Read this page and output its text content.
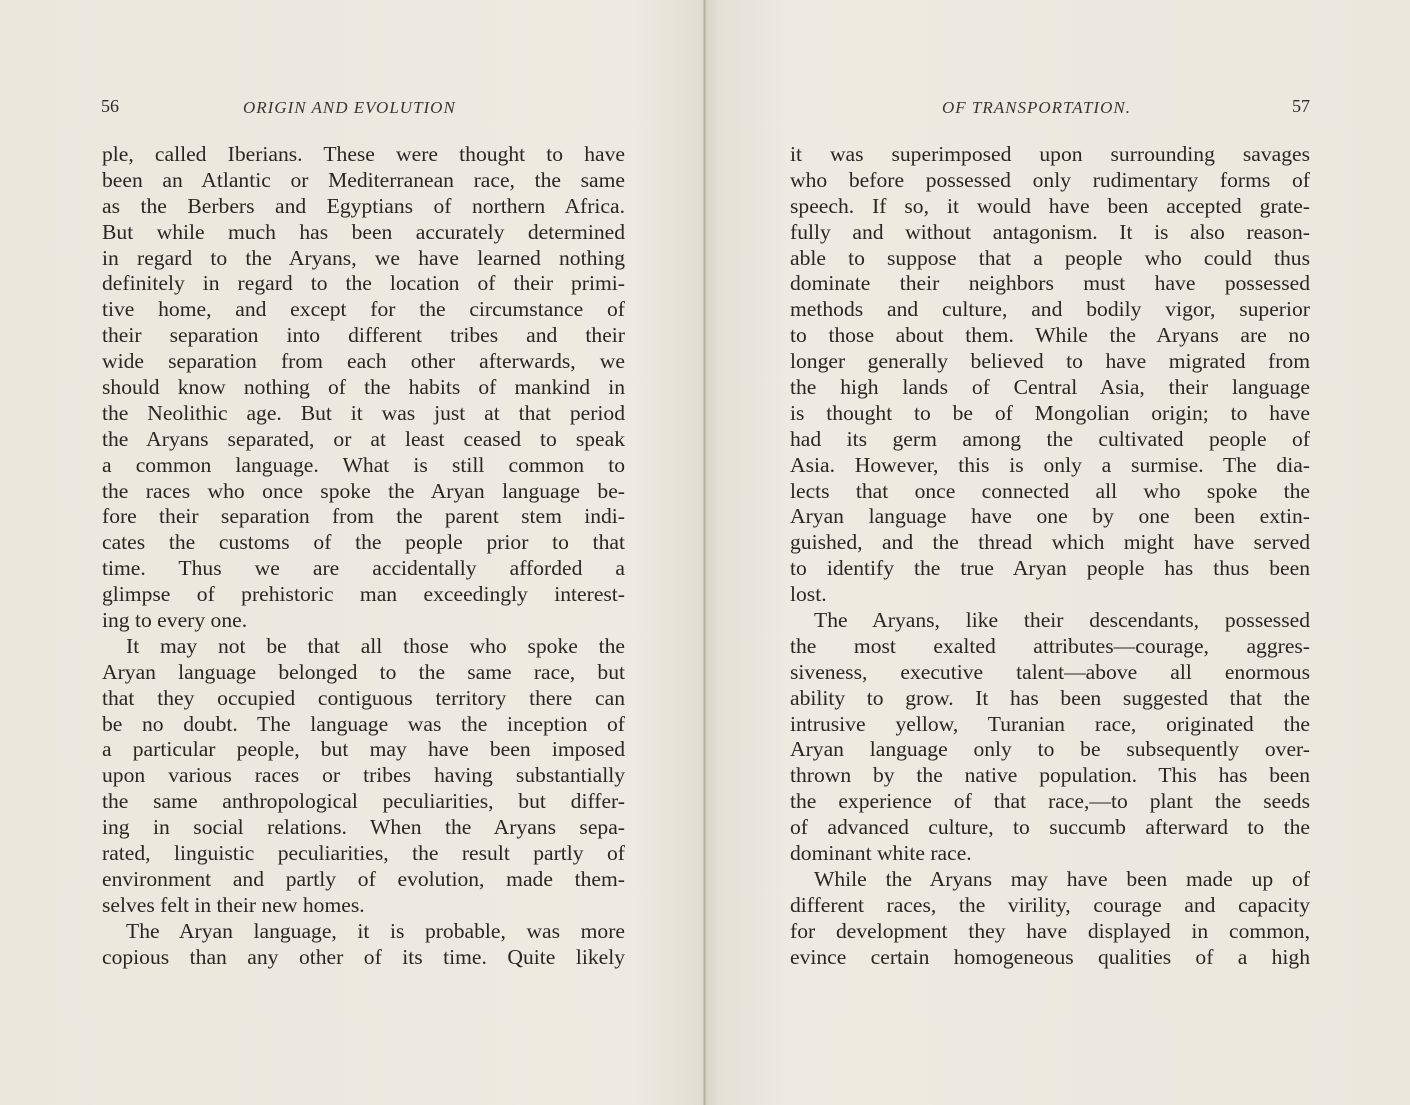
56	ORIGIN AND EVOLUTION
ple, called Iberians. These were thought to have
been an Atlantic or Mediterranean race, the same
as the Berbers and Egyptians of northern Africa.
But while much has been accurately determined
in regard to the Aryans, we have learned nothing
definitely in regard to the location of their primi-
tive home, and except for the circumstance of
their separation into different tribes and their
wide separation from each other afterwards, we
should know nothing of the habits of mankind in
the Neolithic age. But it was just at that period
the Aryans separated, or at least ceased to speak
a common language. What is still common to
the races who once spoke the Aryan language be-
fore their separation from the parent stem indi-
cates the customs of the people prior to that
time. Thus we are accidentally afforded a
glimpse of prehistoric man exceedingly interest-
ing to every one.
It may not be that all those who spoke the
Aryan language belonged to the same race, but
that they occupied contiguous territory there can
be no doubt. The language was the inception of
a particular people, but may have been imposed
upon various races or tribes having substantially
the same anthropological peculiarities, but differ-
ing in social relations. When the Aryans sepa-
rated, linguistic peculiarities, the result partly of
environment and partly of evolution, made them-
selves felt in their new homes.
The Aryan language, it is probable, was more
copious than any other of its time. Quite likely
OF TRANSPORTATION.	57
it was superimposed upon surrounding savages
who before possessed only rudimentary forms of
speech. If so, it would have been accepted grate-
fully and without antagonism. It is also reason-
able to suppose that a people who could thus
dominate their neighbors must have possessed
methods and culture, and bodily vigor, superior
to those about them. While the Aryans are no
longer generally believed to have migrated from
the high lands of Central Asia, their language
is thought to be of Mongolian origin; to have
had its germ among the cultivated people of
Asia. However, this is only a surmise. The dia-
lects that once connected all who spoke the
Aryan language have one by one been extin-
guished, and the thread which might have served
to identify the true Aryan people has thus been
lost.
The Aryans, like their descendants, possessed
the most exalted attributes—courage, aggres-
siveness, executive talent—above all enormous
ability to grow. It has been suggested that the
intrusive yellow, Turanian race, originated the
Aryan language only to be subsequently over-
thrown by the native population. This has been
the experience of that race,—to plant the seeds
of advanced culture, to succumb afterward to the
dominant white race.
While the Aryans may have been made up of
different races, the virility, courage and capacity
for development they have displayed in common,
evince certain homogeneous qualities of a high
